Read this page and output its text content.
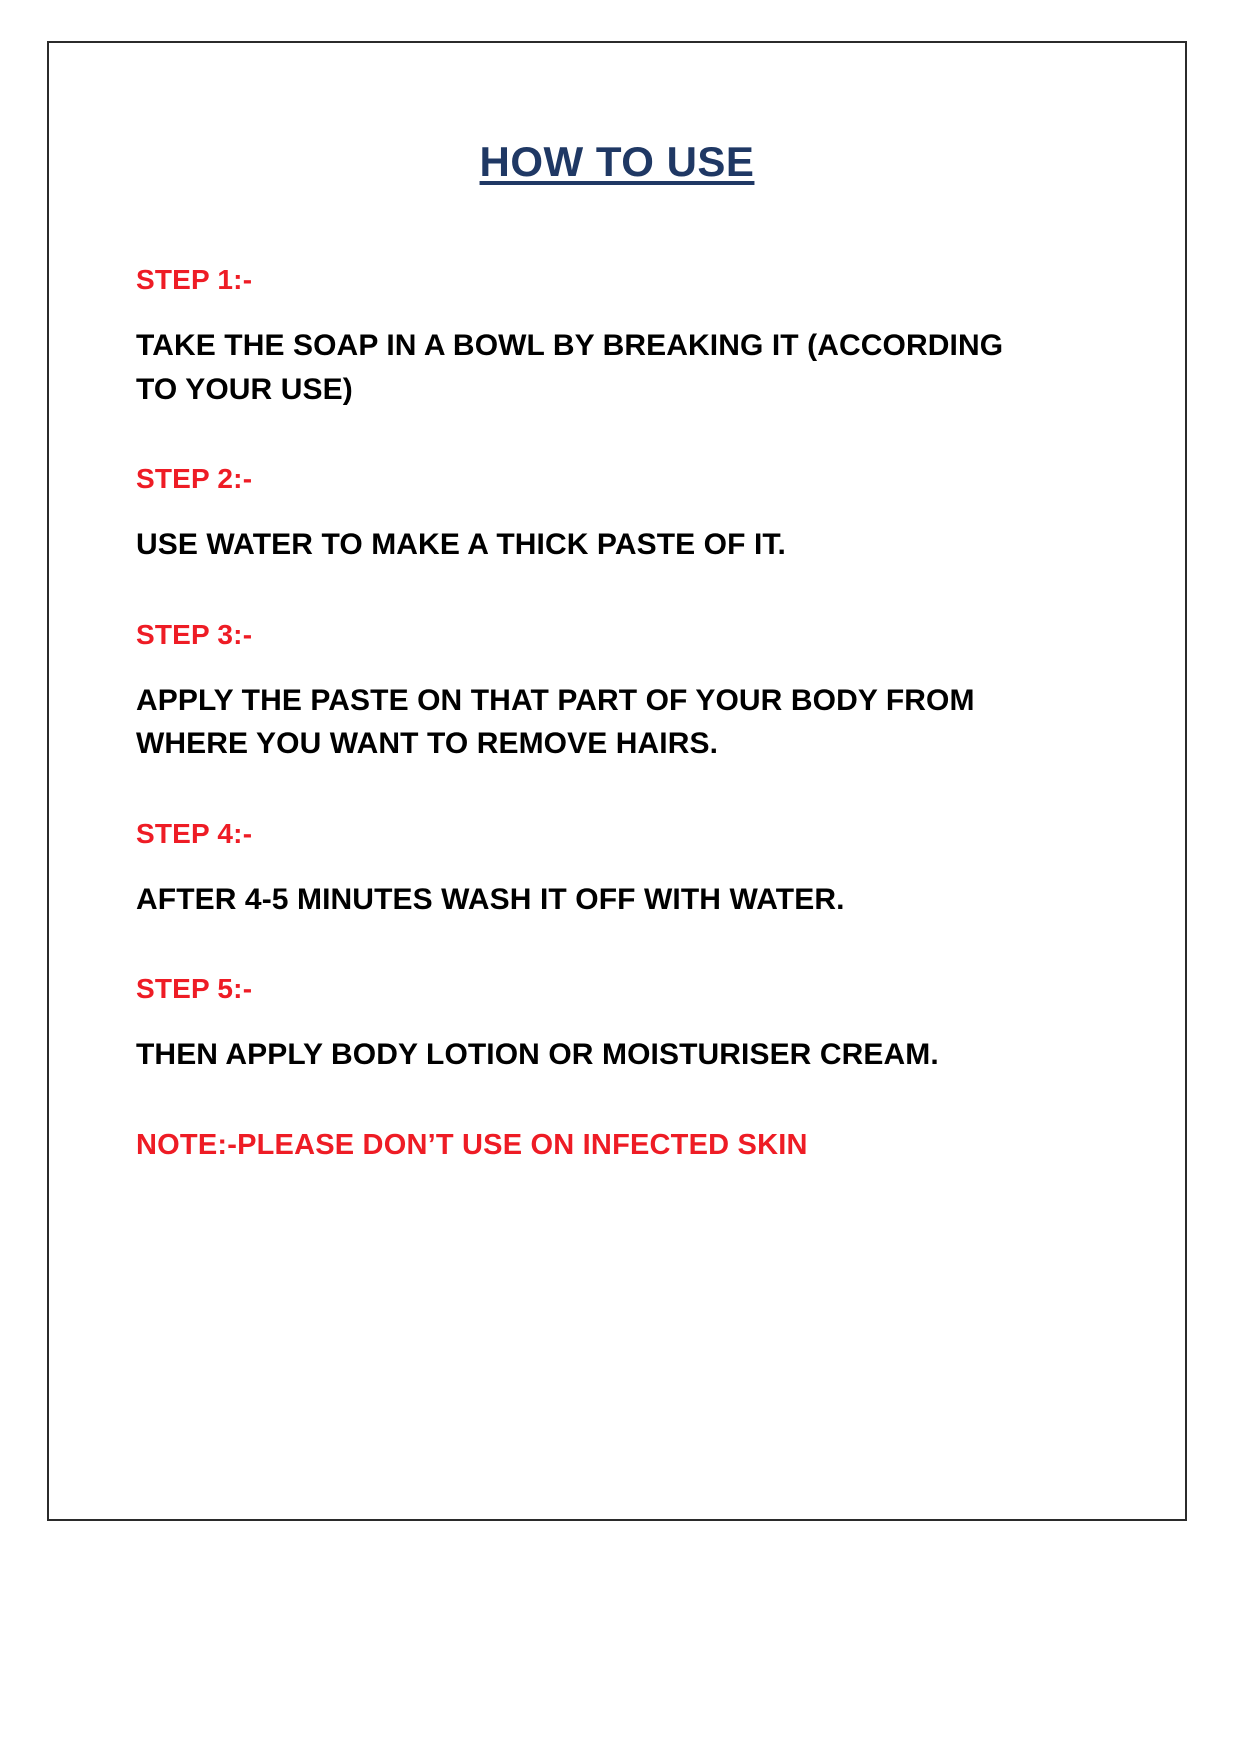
HOW TO USE
STEP 1:-
TAKE THE SOAP IN A BOWL BY BREAKING IT (ACCORDING TO YOUR USE)
STEP 2:-
USE WATER TO MAKE A THICK PASTE OF IT.
STEP 3:-
APPLY THE PASTE ON THAT PART OF YOUR BODY FROM WHERE YOU WANT TO REMOVE HAIRS.
STEP 4:-
AFTER 4-5 MINUTES WASH IT OFF WITH WATER.
STEP 5:-
THEN APPLY BODY LOTION OR MOISTURISER CREAM.
NOTE:-PLEASE DON’T USE ON INFECTED SKIN
